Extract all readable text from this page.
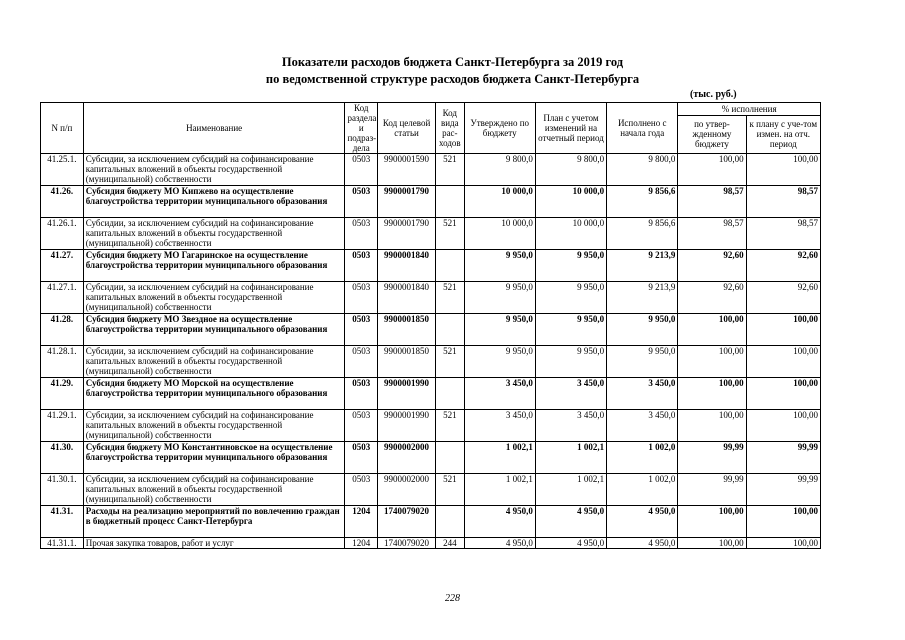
Показатели расходов бюджета Санкт-Петербурга за 2019 год
по ведомственной структуре расходов бюджета Санкт-Петербурга
(тыс. руб.)
N п/п	Наименование	Код раздела и подраз-дела	Код целевой статьи	Код вида рас-ходов	Утверждено по бюджету	План с учетом изменений на отчетный период	Исполнено с начала года	% исполнения	
								по утвер-жденному бюджету	к плану с уче-том измен. на отч. период
41.25.1.	Субсидии, за исключением субсидий на софинансирование капитальных вложений в объекты государственной (муниципальной) собственности	0503	9900001590	521	9 800,0	9 800,0	9 800,0	100,00	100,00
41.26.	Субсидия бюджету МО Кипжево на осуществление благоустройства территории муниципального образования	0503	9900001790		10 000,0	10 000,0	9 856,6	98,57	98,57
41.26.1.	Субсидии, за исключением субсидий на софинансирование капитальных вложений в объекты государственной (муниципальной) собственности	0503	9900001790	521	10 000,0	10 000,0	9 856,6	98,57	98,57
41.27.	Субсидия бюджету МО Гагаринское на осуществление благоустройства территории муниципального образования	0503	9900001840		9 950,0	9 950,0	9 213,9	92,60	92,60
41.27.1.	Субсидии, за исключением субсидий на софинансирование капитальных вложений в объекты государственной (муниципальной) собственности	0503	9900001840	521	9 950,0	9 950,0	9 213,9	92,60	92,60
41.28.	Субсидия бюджету МО Звездное на осуществление благоустройства территории муниципального образования	0503	9900001850		9 950,0	9 950,0	9 950,0	100,00	100,00
41.28.1.	Субсидии, за исключением субсидий на софинансирование капитальных вложений в объекты государственной (муниципальной) собственности	0503	9900001850	521	9 950,0	9 950,0	9 950,0	100,00	100,00
41.29.	Субсидия бюджету МО Морской на осуществление благоустройства территории муниципального образования	0503	9900001990		3 450,0	3 450,0	3 450,0	100,00	100,00
41.29.1.	Субсидии, за исключением субсидий на софинансирование капитальных вложений в объекты государственной (муниципальной) собственности	0503	9900001990	521	3 450,0	3 450,0	3 450,0	100,00	100,00
41.30.	Субсидия бюджету МО Константиновское на осуществление благоустройства территории муниципального образования	0503	9900002000		1 002,1	1 002,1	1 002,0	99,99	99,99
41.30.1.	Субсидии, за исключением субсидий на софинансирование капитальных вложений в объекты государственной (муниципальной) собственности	0503	9900002000	521	1 002,1	1 002,1	1 002,0	99,99	99,99
41.31.	Расходы на реализацию мероприятий по вовлечению граждан в бюджетный процесс Санкт-Петербурга	1204	1740079020		4 950,0	4 950,0	4 950,0	100,00	100,00
41.31.1.	Прочая закупка товаров, работ и услуг	1204	1740079020	244	4 950,0	4 950,0	4 950,0	100,00	100,00
228
